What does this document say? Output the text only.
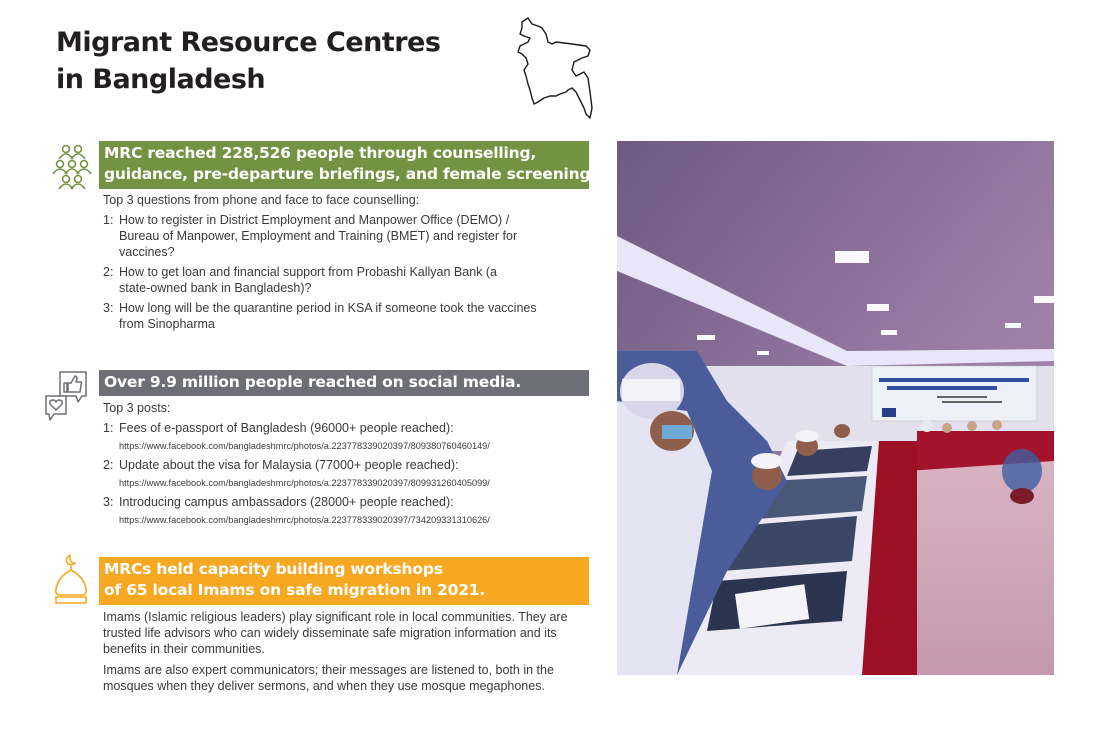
Migrant Resource Centres
in Bangladesh
MRC reached 228,526 people through counselling,
guidance, pre-departure briefings, and female screening.
Top 3 questions from phone and face to face counselling:
1: How to register in District Employment and Manpower Office (DEMO) / Bureau of Manpower, Employment and Training (BMET) and register for vaccines?
2: How to get loan and financial support from Probashi Kallyan Bank (a state-owned bank in Bangladesh)?
3: How long will be the quarantine period in KSA if someone took the vaccines from Sinopharma
Over 9.9 million people reached on social media.
Top 3 posts:
1: Fees of e-passport of Bangladesh (96000+ people reached):
https://www.facebook.com/bangladeshmrc/photos/a.223778339020397/809380760460149/
2: Update about the visa for Malaysia (77000+ people reached):
https://www.facebook.com/bangladeshmrc/photos/a.223778339020397/809931260405099/
3: Introducing campus ambassadors (28000+ people reached):
https://www.facebook.com/bangladeshmrc/photos/a.223778339020397/734209331310626/
MRCs held capacity building workshops
of 65 local Imams on safe migration in 2021.

Imams (Islamic religious leaders) play significant role in local communities. They are trusted life advisors who can widely disseminate safe migration information and its benefits in their communities.

Imams are also expert communicators; their messages are listened to, both in the mosques when they deliver sermons, and when they use mosque megaphones.
